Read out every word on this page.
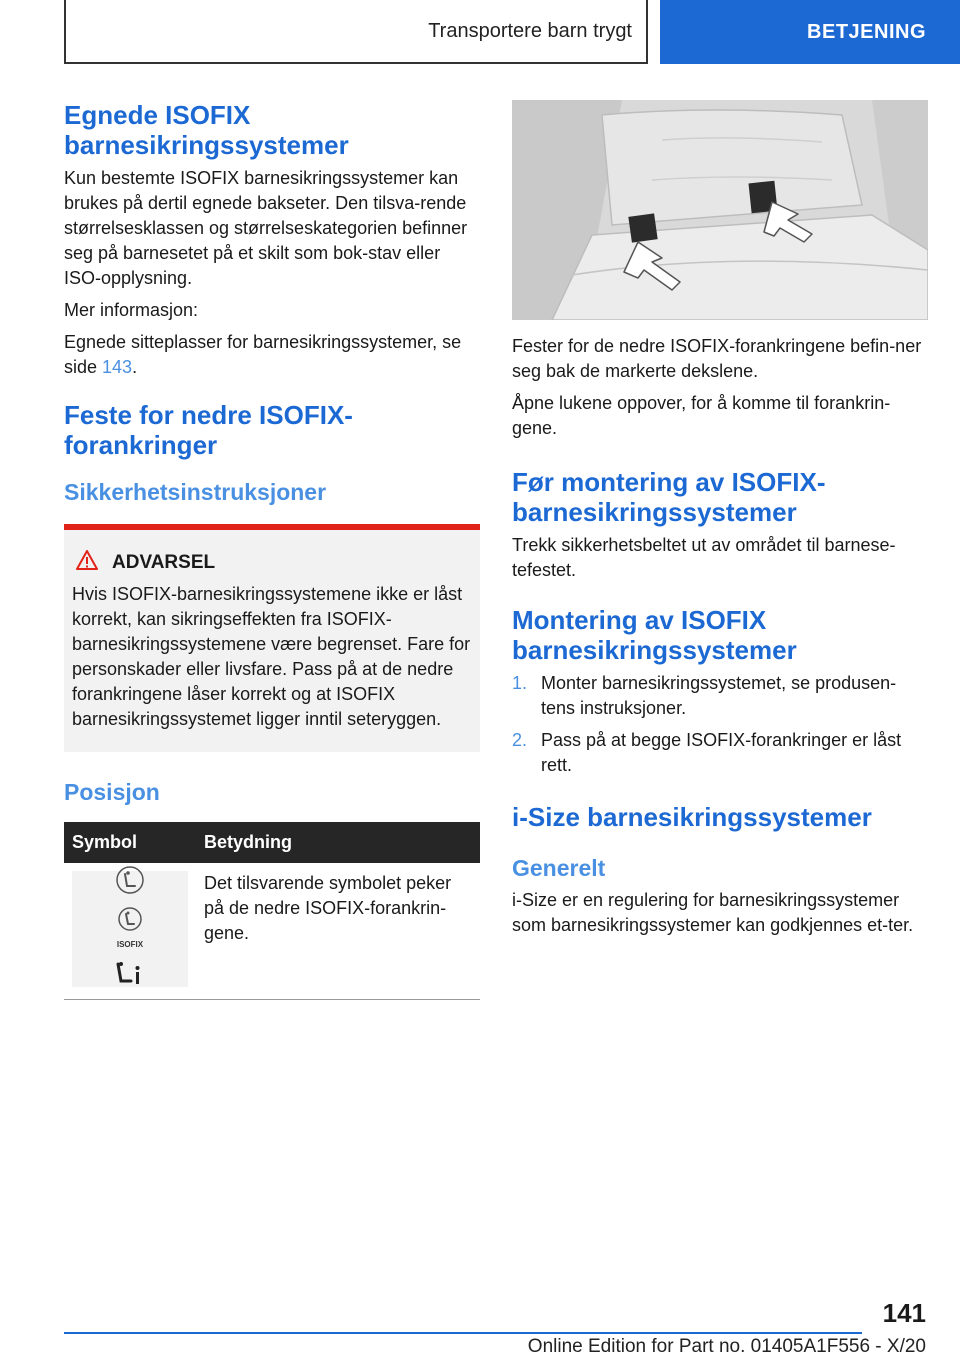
Transportere barn trygt	BETJENING
Egnede ISOFIX barnesikringssystemer

Kun bestemte ISOFIX barnesikringssystemer kan brukes på dertil egnede bakseter. Den tilsva-rende størrelsesklassen og størrelseskategorien befinner seg på barnesetet på et skilt som bok-stav eller ISO-opplysning.

Mer informasjon:

Egnede sitteplasser for barnesikringssystemer, se side 143.

Feste for nedre ISOFIX-forankringer
Sikkerhetsinstruksjoner
ADVARSEL

Hvis ISOFIX-barnesikringssystemene ikke er låst korrekt, kan sikringseffekten fra ISOFIX-barnesikringssystemene være begrenset. Fare for personskader eller livsfare. Pass på at de nedre forankringene låser korrekt og at ISOFIX barnesikringssystemet ligger inntil seteryggen.

Posisjon
Symbol	Betydning

ISOFIX	Det tilsvarende symbolet peker på de nedre ISOFIX-forankrin-gene.

Fester for de nedre ISOFIX-forankringene befin-ner seg bak de markerte dekslene.

Åpne lukene oppover, for å komme til forankrin-gene.

Før montering av ISOFIX-barnesikringssystemer

Trekk sikkerhetsbeltet ut av området til barnese-tefestet.

Montering av ISOFIX barnesikringssystemer
1. Monter barnesikringssystemet, se produsen-tens instruksjoner.
2. Pass på at begge ISOFIX-forankringer er låst rett.
i-Size barnesikringssystemer
Generelt

i-Size er en regulering for barnesikringssystemer som barnesikringssystemer kan godkjennes et-ter.

141
Online Edition for Part no. 01405A1F556 - X/20
